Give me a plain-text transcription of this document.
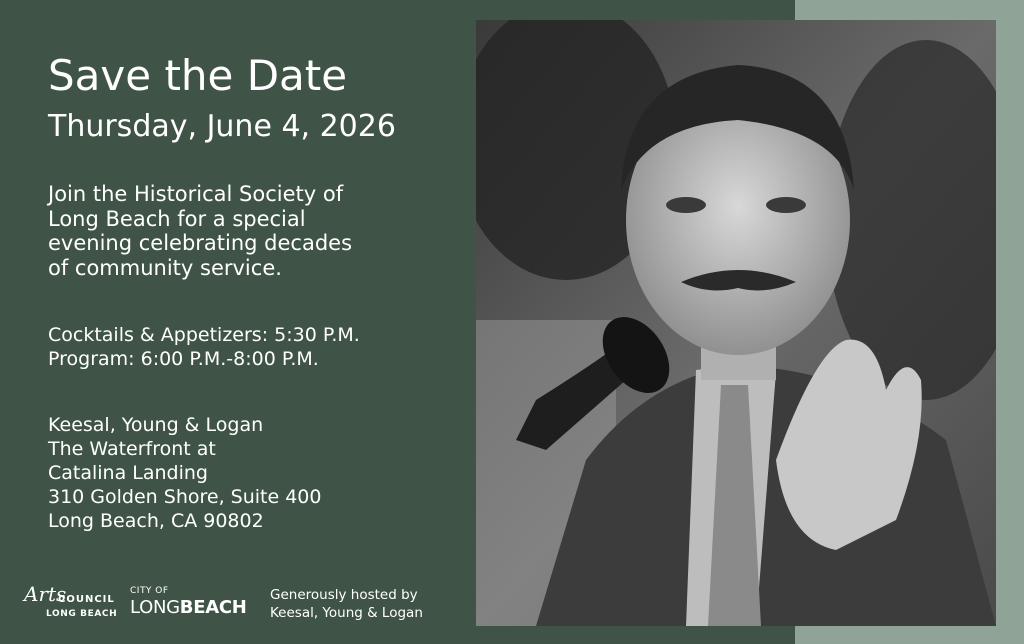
Save the Date
Thursday, June 4, 2026
Join the Historical Society of
Long Beach for a special
evening celebrating decades
of community service.
Cocktails & Appetizers: 5:30 P.M.
Program: 6:00 P.M.-8:00 P.M.
Keesal, Young & Logan
The Waterfront at
Catalina Landing
310 Golden Shore, Suite 400
Long Beach, CA 90802
Arts
COUNCIL
LONG BEACH
CITY OF
LONGBEACH
Generously hosted by
Keesal, Young & Logan
